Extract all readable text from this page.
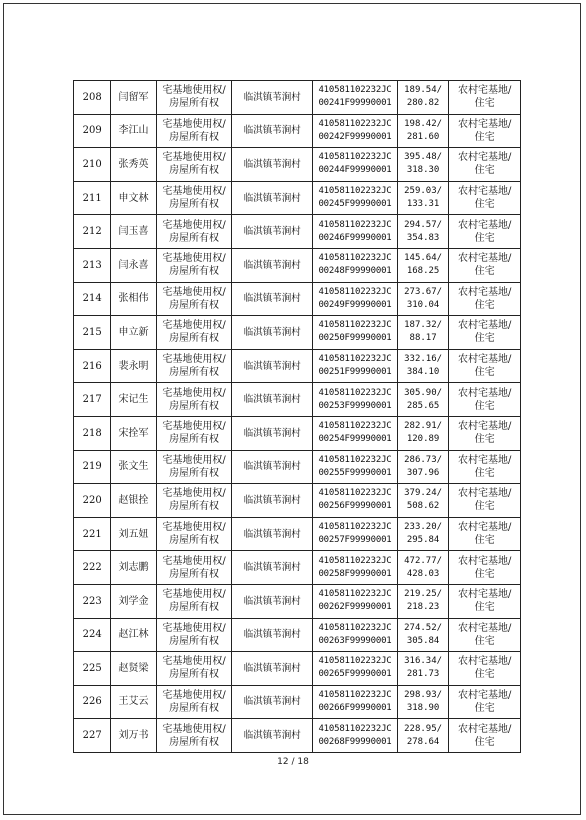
208	闫留军	宅基地使用权/
房屋所有权	临淇镇苇涧村	410581102232JC
00241F99990001	189.54/
280.82	农村宅基地/
住宅

209	李江山	宅基地使用权/
房屋所有权	临淇镇苇涧村	410581102232JC
00242F99990001	198.42/
281.60	农村宅基地/
住宅

210	张秀英	宅基地使用权/
房屋所有权	临淇镇苇涧村	410581102232JC
00244F99990001	395.48/
318.30	农村宅基地/
住宅

211	申文林	宅基地使用权/
房屋所有权	临淇镇苇涧村	410581102232JC
00245F99990001	259.03/
133.31	农村宅基地/
住宅

212	闫玉喜	宅基地使用权/
房屋所有权	临淇镇苇涧村	410581102232JC
00246F99990001	294.57/
354.83	农村宅基地/
住宅

213	闫永喜	宅基地使用权/
房屋所有权	临淇镇苇涧村	410581102232JC
00248F99990001	145.64/
168.25	农村宅基地/
住宅

214	张相伟	宅基地使用权/
房屋所有权	临淇镇苇涧村	410581102232JC
00249F99990001	273.67/
310.04	农村宅基地/
住宅

215	申立新	宅基地使用权/
房屋所有权	临淇镇苇涧村	410581102232JC
00250F99990001	187.32/
88.17	农村宅基地/
住宅

216	裴永明	宅基地使用权/
房屋所有权	临淇镇苇涧村	410581102232JC
00251F99990001	332.16/
384.10	农村宅基地/
住宅

217	宋记生	宅基地使用权/
房屋所有权	临淇镇苇涧村	410581102232JC
00253F99990001	305.90/
285.65	农村宅基地/
住宅

218	宋拴军	宅基地使用权/
房屋所有权	临淇镇苇涧村	410581102232JC
00254F99990001	282.91/
120.89	农村宅基地/
住宅

219	张文生	宅基地使用权/
房屋所有权	临淇镇苇涧村	410581102232JC
00255F99990001	286.73/
307.96	农村宅基地/
住宅

220	赵银拴	宅基地使用权/
房屋所有权	临淇镇苇涧村	410581102232JC
00256F99990001	379.24/
508.62	农村宅基地/
住宅

221	刘五妞	宅基地使用权/
房屋所有权	临淇镇苇涧村	410581102232JC
00257F99990001	233.20/
295.84	农村宅基地/
住宅

222	刘志鹏	宅基地使用权/
房屋所有权	临淇镇苇涧村	410581102232JC
00258F99990001	472.77/
428.03	农村宅基地/
住宅

223	刘学金	宅基地使用权/
房屋所有权	临淇镇苇涧村	410581102232JC
00262F99990001	219.25/
218.23	农村宅基地/
住宅

224	赵江林	宅基地使用权/
房屋所有权	临淇镇苇涧村	410581102232JC
00263F99990001	274.52/
305.84	农村宅基地/
住宅

225	赵贤梁	宅基地使用权/
房屋所有权	临淇镇苇涧村	410581102232JC
00265F99990001	316.34/
281.73	农村宅基地/
住宅

226	王艾云	宅基地使用权/
房屋所有权	临淇镇苇涧村	410581102232JC
00266F99990001	298.93/
318.90	农村宅基地/
住宅

227	刘万书	宅基地使用权/
房屋所有权	临淇镇苇涧村	410581102232JC
00268F99990001	228.95/
278.64	农村宅基地/
住宅
12 / 18
